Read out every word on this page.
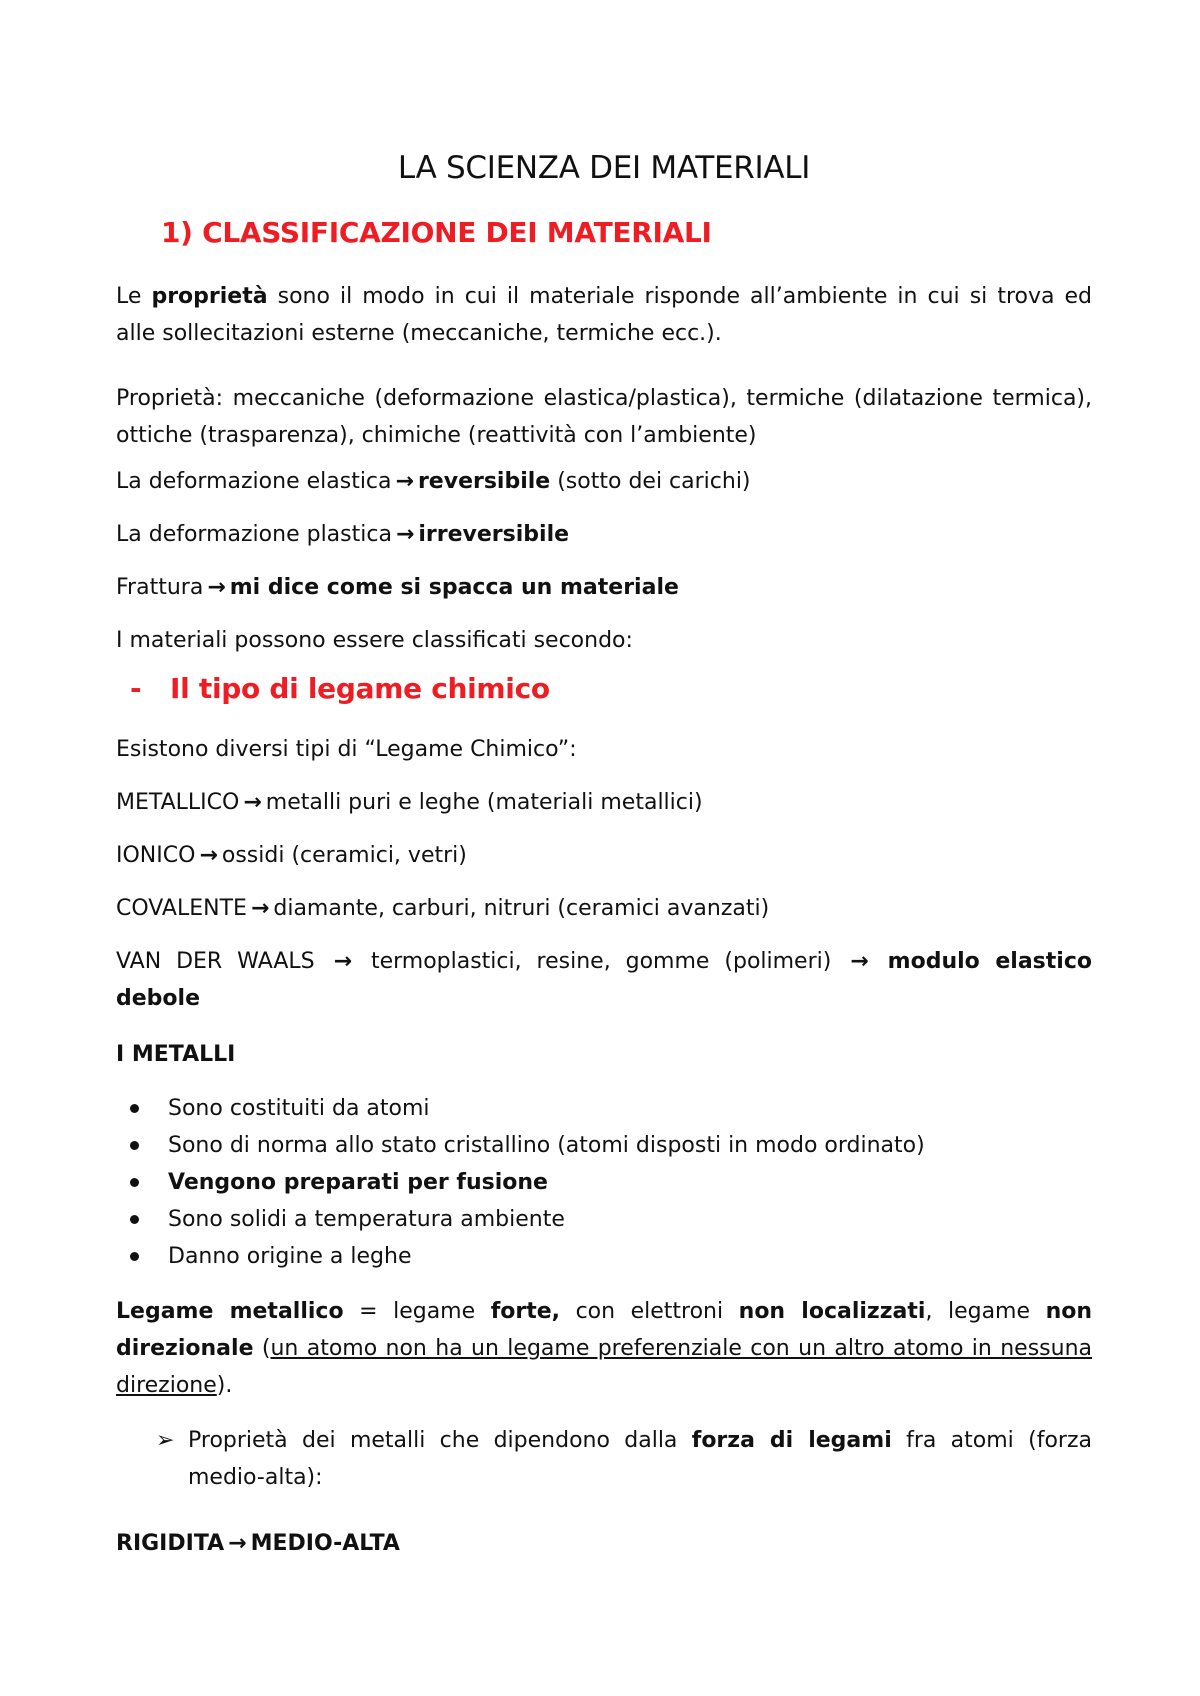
LA SCIENZA DEI MATERIALI
1) CLASSIFICAZIONE DEI MATERIALI

Le proprietà sono il modo in cui il materiale risponde all’ambiente in cui si trova ed alle sollecitazioni esterne (meccaniche, termiche ecc.).

Proprietà: meccaniche (deformazione elastica/plastica), termiche (dilatazione termica), ottiche (trasparenza), chimiche (reattività con l’ambiente)

La deformazione elastica → reversibile (sotto dei carichi)

La deformazione plastica → irreversibile

Frattura → mi dice come si spacca un materiale

I materiali possono essere classificati secondo:

- Il tipo di legame chimico

Esistono diversi tipi di “Legame Chimico”:

METALLICO → metalli puri e leghe (materiali metallici)

IONICO → ossidi (ceramici, vetri)

COVALENTE → diamante, carburi, nitruri (ceramici avanzati)

VAN DER WAALS → termoplastici, resine, gomme (polimeri) → modulo elastico
debole

I METALLI

Sono costituiti da atomi
Sono di norma allo stato cristallino (atomi disposti in modo ordinato)
Vengono preparati per fusione
Sono solidi a temperatura ambiente
Danno origine a leghe

Legame metallico = legame forte, con elettroni non localizzati, legame non direzionale (un atomo non ha un legame preferenziale con un altro atomo in nessuna direzione).

➢ Proprietà dei metalli che dipendono dalla forza di legami fra atomi (forza medio-alta):

RIGIDITA → MEDIO-ALTA
